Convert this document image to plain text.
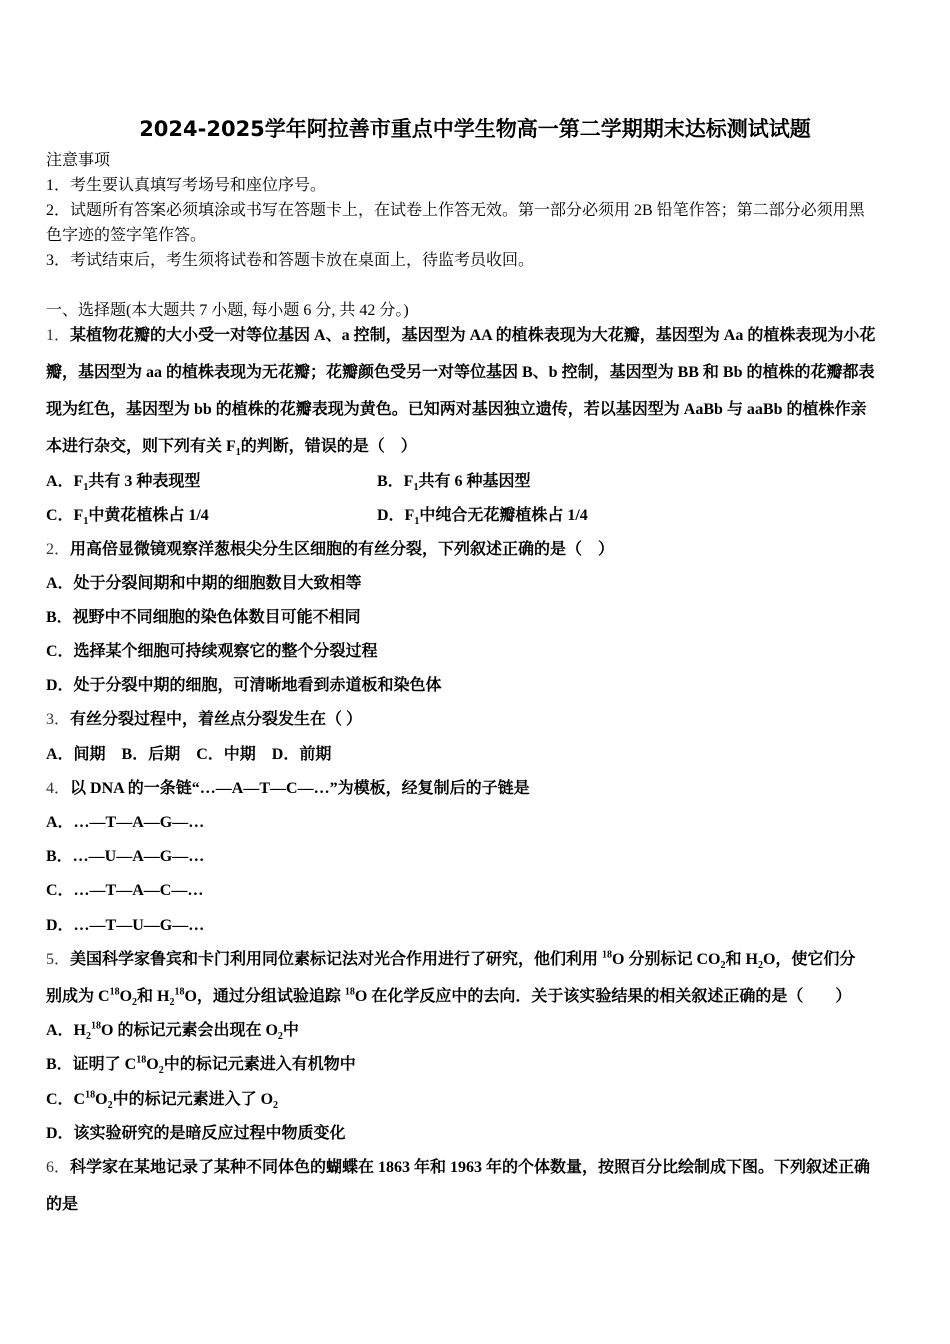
2024-2025学年阿拉善市重点中学生物高一第二学期期末达标测试试题
注意事项
1．考生要认真填写考场号和座位序号。
2．试题所有答案必须填涂或书写在答题卡上，在试卷上作答无效。第一部分必须用 2B 铅笔作答；第二部分必须用黑
色字迹的签字笔作答。
3．考试结束后，考生须将试卷和答题卡放在桌面上，待监考员收回。
一、选择题(本大题共 7 小题, 每小题 6 分, 共 42 分。)
1．某植物花瓣的大小受一对等位基因 A、a 控制，基因型为 AA 的植株表现为大花瓣，基因型为 Aa 的植株表现为小花
瓣，基因型为 aa 的植株表现为无花瓣；花瓣颜色受另一对等位基因 B、b 控制，基因型为 BB 和 Bb 的植株的花瓣都表
现为红色，基因型为 bb 的植株的花瓣表现为黄色。已知两对基因独立遗传，若以基因型为 AaBb 与 aaBb 的植株作亲
本进行杂交，则下列有关 $F_1$的判断，错误的是（　）
A．$F_1$共有 3 种表现型	B．$F_1$共有 6 种基因型
C．$F_1$中黄花植株占 1/4	D．$F_1$中纯合无花瓣植株占 1/4
2．用高倍显微镜观察洋葱根尖分生区细胞的有丝分裂，下列叙述正确的是（　）
A．处于分裂间期和中期的细胞数目大致相等
B．视野中不同细胞的染色体数目可能不相同
C．选择某个细胞可持续观察它的整个分裂过程
D．处于分裂中期的细胞，可清晰地看到赤道板和染色体
3．有丝分裂过程中，着丝点分裂发生在（ ）
A．间期　B．后期　C．中期　D．前期
4．以 DNA 的一条链“…—A—T—C—…”为模板，经复制后的子链是
A．…—T—A—G—…
B．…—U—A—G—…
C．…—T—A—C—…
D．…—T—U—G—…
5．美国科学家鲁宾和卡门利用同位素标记法对光合作用进行了研究，他们利用 $^{18}$O 分别标记 $CO_2$和 $H_2O$，使它们分
别成为 $C^{18}O_2$和 $H_2^{18}O$，通过分组试验追踪 $^{18}$O 在化学反应中的去向．关于该实验结果的相关叙述正确的是（　　）
A．$H_2^{18}O$ 的标记元素会出现在 $O_2$中
B．证明了 $C^{18}O_2$中的标记元素进入有机物中
C．$C^{18}O_2$中的标记元素进入了 $O_2$
D．该实验研究的是暗反应过程中物质变化
6．科学家在某地记录了某种不同体色的蝴蝶在 1863 年和 1963 年的个体数量，按照百分比绘制成下图。下列叙述正确
的是
